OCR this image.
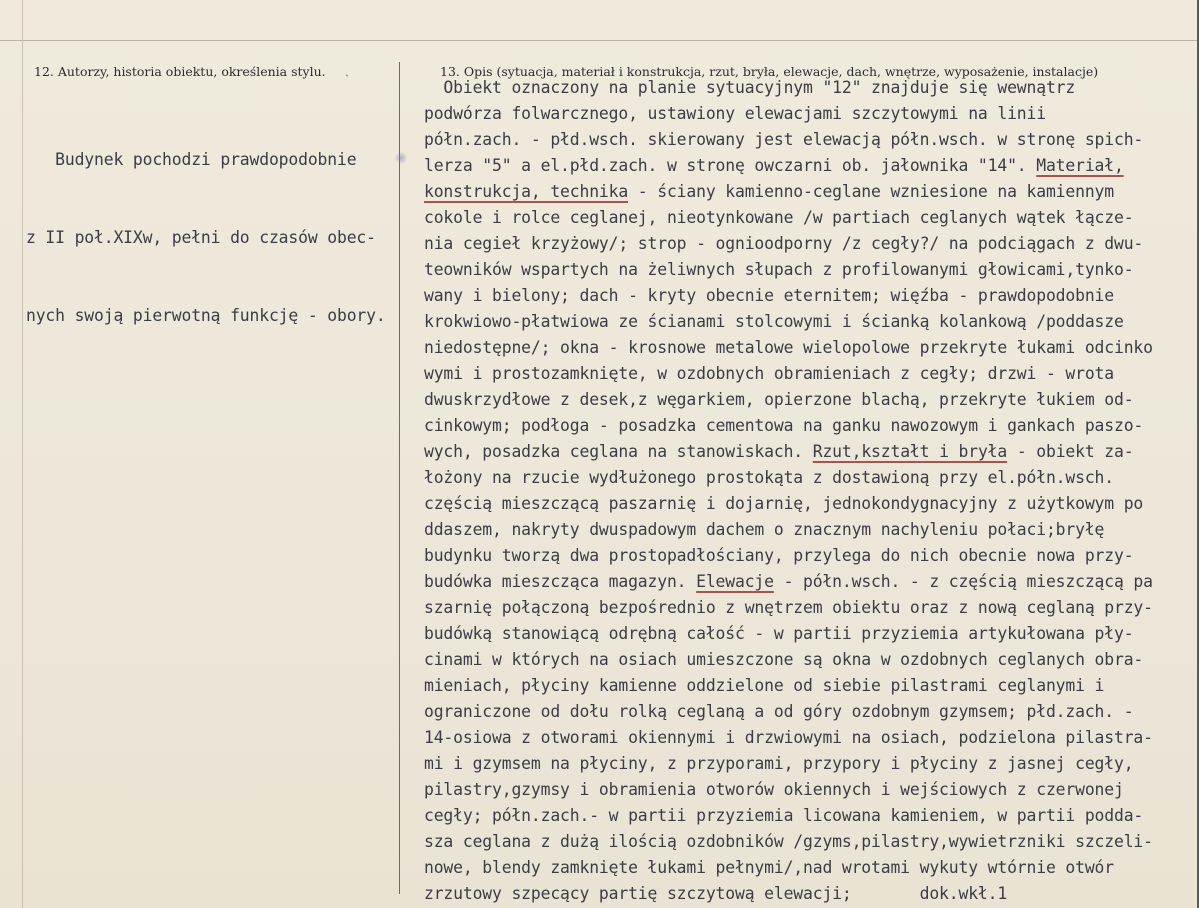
12. Autorzy, historia obiektu, określenia stylu.	13. Opis (sytuacja, materiał i konstrukcja, rzut, bryła, elewacje, dach, wnętrze, wyposażenie, instalacje)
ˎ

Budynek pochodzi prawdopodobnie

z II poł.XIXw, pełni do czasów obec-

nych swoją pierwotną funkcję - obory.

Obiekt oznaczony na planie sytuacyjnym "12" znajduje się wewnątrz
podwórza folwarcznego, ustawiony elewacjami szczytowymi na linii
półn.zach. - płd.wsch. skierowany jest elewacją półn.wsch. w stronę spich-
lerza "5" a el.płd.zach. w stronę owczarni ob. jałownika "14". Materiał,
konstrukcja, technika - ściany kamienno-ceglane wzniesione na kamiennym
cokole i rolce ceglanej, nieotynkowane /w partiach ceglanych wątek łącze-
nia cegieł krzyżowy/; strop - ognioodporny /z cegły?/ na podciągach z dwu-
teowników wspartych na żeliwnych słupach z profilowanymi głowicami,tynko-
wany i bielony; dach - kryty obecnie eternitem; więźba - prawdopodobnie
krokwiowo-płatwiowa ze ścianami stolcowymi i ścianką kolankową /poddasze
niedostępne/; okna - krosnowe metalowe wielopolowe przekryte łukami odcinko
wymi i prostozamknięte, w ozdobnych obramieniach z cegły; drzwi - wrota
dwuskrzydłowe z desek,z węgarkiem, opierzone blachą, przekryte łukiem od-
cinkowym; podłoga - posadzka cementowa na ganku nawozowym i gankach paszo-
wych, posadzka ceglana na stanowiskach. Rzut,kształt i bryła - obiekt za-
łożony na rzucie wydłużonego prostokąta z dostawioną przy el.półn.wsch.
częścią mieszczącą paszarnię i dojarnię, jednokondygnacyjny z użytkowym po
ddaszem, nakryty dwuspadowym dachem o znacznym nachyleniu połaci;bryłę
budynku tworzą dwa prostopadłościany, przylega do nich obecnie nowa przy-
budówka mieszcząca magazyn. Elewacje - półn.wsch. - z częścią mieszczącą pa
szarnię połączoną bezpośrednio z wnętrzem obiektu oraz z nową ceglaną przy-
budówką stanowiącą odrębną całość - w partii przyziemia artykułowana pły-
cinami w których na osiach umieszczone są okna w ozdobnych ceglanych obra-
mieniach, płyciny kamienne oddzielone od siebie pilastrami ceglanymi i
ograniczone od dołu rolką ceglaną a od góry ozdobnym gzymsem; płd.zach. -
14-osiowa z otworami okiennymi i drzwiowymi na osiach, podzielona pilastra-
mi i gzymsem na płyciny, z przyporami, przypory i płyciny z jasnej cegły,
pilastry,gzymsy i obramienia otworów okiennych i wejściowych z czerwonej
cegły; półn.zach.- w partii przyziemia licowana kamieniem, w partii podda-
sza ceglana z dużą ilością ozdobników /gzyms,pilastry,wywietrzniki szczeli-
nowe, blendy zamknięte łukami pełnymi/,nad wrotami wykuty wtórnie otwór
zrzutowy szpecący partię szczytową elewacji;       dok.wkł.1
